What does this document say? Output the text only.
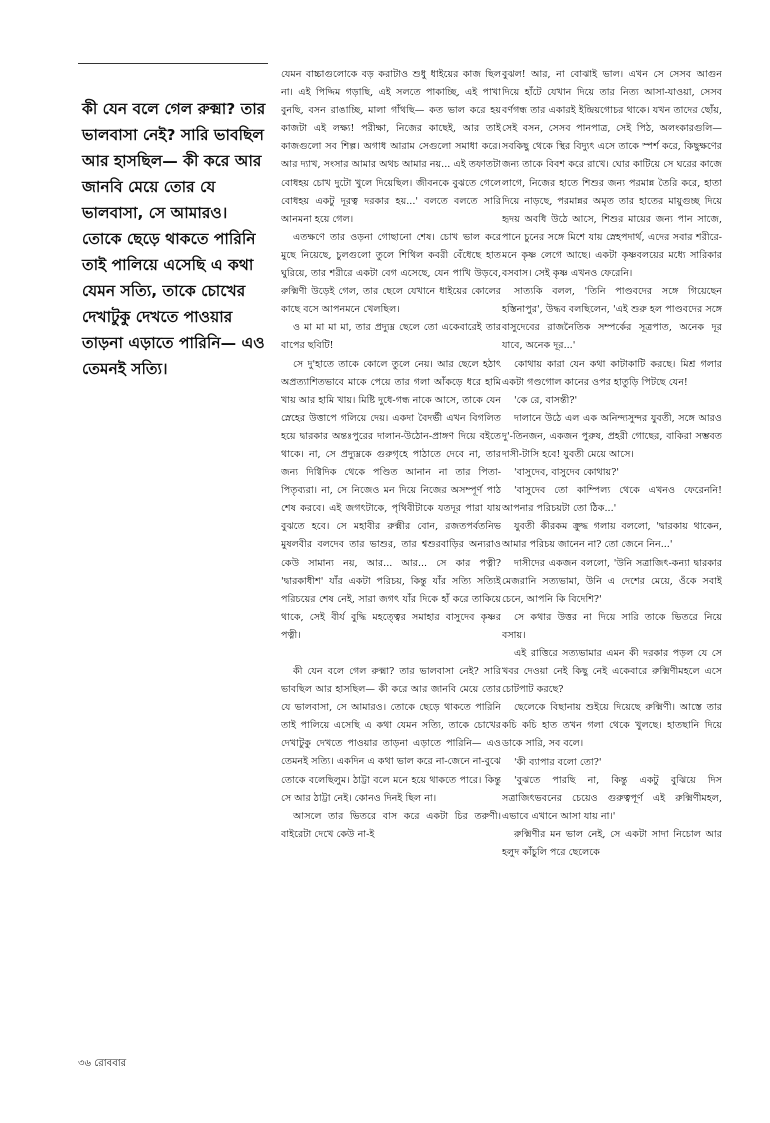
কী যেন বলে গেল রুক্মা? তার ভালবাসা নেই? সারি ভাবছিল আর হাসছিল— কী করে আর জানবি মেয়ে তোর যে ভালবাসা, সে আমারও। তোকে ছেড়ে থাকতে পারিনি তাই পালিয়ে এসেছি এ কথা যেমন সত্যি, তাকে চোখের দেখাটুকু দেখতে পাওয়ার তাড়না এড়াতে পারিনি— এও তেমনই সত্যি।

যেমন বাচ্চাগুলোকে বড় করাটাও শুধু ধাইয়ের কাজ ছিল না। এই পিদ্দিম গড়াছি, এই সলতে পাকাচ্ছি, এই পাখা বুনছি, বসন রাঙাচ্ছি, মালা গাঁথছি— কত ভাল করে হয় কাজটা এই লক্ষ্য! পরীক্ষা, নিজের কাছেই, আর তাই কাজগুলো সব শিল্প। অগাধ আরাম সেগুলো সমাধা করে। আর দ্যাখ, সংসার আমার অথচ আমার নয়... এই তফাতটা বোধহয় চোখ দুটো খুলে দিয়েছিল। জীবনকে বুঝতে গেলে বোধহয় একটু দূরত্ব দরকার হয়...' বলতে বলতে সারি আনমনা হয়ে গেল।

এতক্ষণে তার ওড়না গোছানো শেষ। চোখ ভাল করে মুছে নিয়েছে, চুলগুলো তুলে শিথিল কবরী বেঁধেছে হাত ঘুরিয়ে, তার শরীরে একটা বেগ এসেছে, যেন পাখি উড়বে, রুক্মিণী উড়েই গেল, তার ছেলে যেখানে ধাইয়ের কোলের কাছে বসে আপনমনে খেলছিল।

ও মা মা মা মা, তার প্রদ্যুম্ন ছেলে তো একেবারেই তার বাপের ছবিটি!

সে দু'হাতে তাকে কোলে তুলে নেয়। আর ছেলে হঠাৎ অপ্রত্যাশিতভাবে মাকে পেয়ে তার গলা আঁকড়ে ধরে হামি খায় আর হামি খায়। মিষ্টি দুধে-গন্ধ নাকে আসে, তাকে যেন স্নেহের উত্তাপে গলিয়ে দেয়। একদা বৈদর্ভী এখন বিগলিত হয়ে দ্বারকার অন্তঃপুরের দালান-উঠোন-প্রাঙ্গণ দিয়ে বইতে থাকে। না, সে প্রদ্যুম্নকে গুরুগৃহে পাঠাতে দেবে না, তার জন্য দিগ্বিদিক থেকে পণ্ডিত আনান না তার পিতা-পিতৃব্যরা। না, সে নিজেও মন দিয়ে নিজের অসম্পূর্ণ পাঠ শেষ করবে। এই জগৎটাকে, পৃথিবীটাকে যতদূর পারা যায় বুঝতে হবে। সে মহাবীর রুক্মীর বোন, রজতপর্বতনিভ মুষলবীর বলদেব তার ভাশুর, তার শ্বশুরবাড়ির অন্যরাও কেউ সামান্য নয়, আর... আর... সে কার পত্নী? 'দ্বারকাধীশ' যাঁর একটা পরিচয়, কিন্তু যাঁর সত্যি সত্যিই পরিচয়ের শেষ নেই, সারা জগৎ যাঁর দিকে হাঁ করে তাকিয়ে থাকে, সেই বীর্য বুদ্ধি মহত্ত্বের সমাহার বাসুদেব কৃষ্ণর পত্নী।

কী যেন বলে গেল রুক্মা? তার ভালবাসা নেই? সারি ভাবছিল আর হাসছিল— কী করে আর জানবি মেয়ে তোর যে ভালবাসা, সে আমারও। তোকে ছেড়ে থাকতে পারিনি তাই পালিয়ে এসেছি এ কথা যেমন সত্যি, তাকে চোখের দেখাটুকু দেখতে পাওয়ার তাড়না এড়াতে পারিনি— এও তেমনই সত্যি। একদিন এ কথা ভাল করে না-জেনে না-বুঝে তোকে বলেছিলুম। ঠাট্টা বলে মনে হয়ে থাকতে পারে। কিন্তু সে আর ঠাট্টা নেই। কোনও দিনই ছিল না।

আসলে তার ভিতরে বাস করে একটা চির তরুণী। বাইরেটা দেখে কেউ না-ই

বুঝল! আর, না বোঝাই ভাল। এখন সে সেসব আগুন দিয়ে হাঁটে যেখান দিয়ে তার নিত্য আসা-যাওয়া, সেসব বর্ণগন্ধ তার একারই ইন্দ্রিয়গোচর থাকে। যখন তাদের ছোঁয়, সেই বসন, সেসব পানপাত্র, সেই পিঠ, অলংকারগুলি— সবকিছু থেকে স্থির বিদ্যুৎ এসে তাকে স্পর্শ করে, কিছুক্ষণের জন্য তাকে বিবশ করে রাখে। ঘোর কাটিয়ে সে ঘরের কাজে লাগে, নিজের হাতে শিশুর জন্য পরমান্ন তৈরি করে, হাতা দিয়ে নাড়ছে, পরমান্নর অমৃত তার হাতের মায়ুগুচ্ছ দিয়ে হৃদয় অবধি উঠে আসে, শিশুর মায়ের জন্য পান সাজে, পানে চুনের সঙ্গে মিশে যায় স্নেহপদার্থ, এদের সবার শরীরে-মনে কৃষ্ণ লেগে আছে। একটা কৃষ্ণবলয়ের মধ্যে সারিকার বসবাস। সেই কৃষ্ণ এখনও ফেরেনি।

সাত্যকি বলল, 'তিনি পাণ্ডবদের সঙ্গে গিয়েছেন হস্তিনাপুর', উদ্ধব বলছিলেন, 'এই শুরু হল পাণ্ডবদের সঙ্গে বাসুদেবের রাজনৈতিক সম্পর্কের সূত্রপাত, অনেক দূর যাবে, অনেক দূর...'

কোথায় কারা যেন কথা কাটাকাটি করছে। মিশ্র গলার একটা গণ্ডগোল কানের ওপর হাতুড়ি পিটছে যেন!

'কে রে, বাসন্তী?'

দালানে উঠে এল এক অনিন্দ্যসুন্দর যুবতী, সঙ্গে আরও দু'-তিনজন, একজন পুরুষ, প্রহরী গোছের, বাকিরা সম্ভবত দাসী-টাসি হবে! যুবতী মেয়ে আসে।

'বাসুদেব, বাসুদেব কোথায়?'

'বাসুদেব তো কাম্পিল্য থেকে এখনও ফেরেননি! আপনার পরিচয়টা তো ঠিক...'

যুবতী কীরকম ক্রুদ্ধ গলায় বললো, 'দ্বারকায় থাকেন, আমার পরিচয় জানেন না? তো জেনে নিন...'

দাসীদের একজন বললো, 'উনি সত্রাজিৎ-কন্যা দ্বারকার মেজরানি সত্যভামা, উনি এ দেশের মেয়ে, ওঁকে সবাই চেনে, আপনি কি বিদেশি?'

সে কথার উত্তর না দিয়ে সারি তাকে ভিতরে নিয়ে বসায়।

এই রাত্তিরে সত্যভামার এমন কী দরকার পড়ল যে সে খবর দেওয়া নেই কিছু নেই একেবারে রুক্মিণীমহলে এসে চোটপাট করছে?

ছেলেকে বিছানায় শুইয়ে দিয়েছে রুক্মিণী। আস্তে তার কচি কচি হাত তখন গলা থেকে খুলছে। হাতছানি দিয়ে ডাকে সারি, সব বলে।

'কী ব্যাপার বলো তো?'

'বুঝতে পারছি না, কিন্তু একটু বুঝিয়ে দিস সত্রাজিৎভবনের চেয়েও গুরুত্বপূর্ণ এই রুক্মিণীমহল, এভাবে এখানে আসা যায় না।'

রুক্মিণীর মন ভাল নেই, সে একটা সাদা নিচোল আর হলুদ কাঁচুলি পরে ছেলেকে

৩৬ রোববার
